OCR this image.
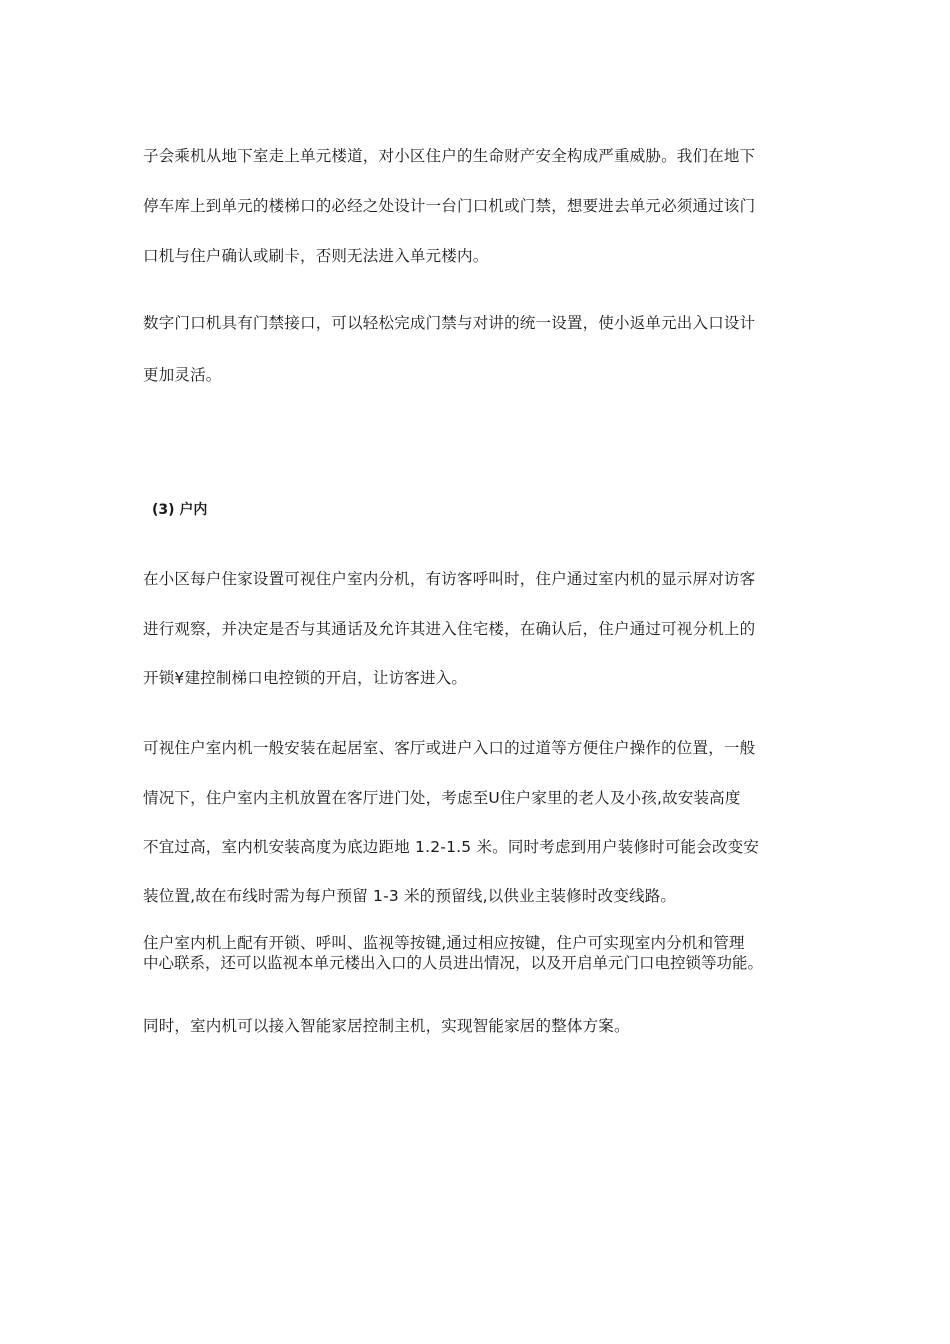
子会乘机从地下室走上单元楼道，对小区住户的生命财产安全构成严重威胁。我们在地下
停车库上到单元的楼梯口的必经之处设计一台门口机或门禁，想要进去单元必须通过该门
口机与住户确认或刷卡，否则无法进入单元楼内。
数字门口机具有门禁接口，可以轻松完成门禁与对讲的统一设置，使小返单元出入口设计
更加灵活。
(3) 户内
在小区每户住家设置可视住户室内分机，有访客呼叫时，住户通过室内机的显示屏对访客
进行观察，并决定是否与其通话及允许其进入住宅楼，在确认后，住户通过可视分机上的
开锁¥建控制梯口电控锁的开启，让访客进入。
可视住户室内机一般安装在起居室、客厅或进户入口的过道等方便住户操作的位置，一般
情况下，住户室内主机放置在客厅进门处，考虑至U住户家里的老人及小孩,故安装高度
不宜过高，室内机安装高度为底边距地 1.2-1.5 米。同时考虑到用户装修时可能会改变安
装位置,故在布线时需为每户预留 1-3 米的预留线,以供业主装修时改变线路。
住户室内机上配有开锁、呼叫、监视等按键,通过相应按键，住户可实现室内分机和管理
中心联系，还可以监视本单元楼出入口的人员进出情况，以及开启单元门口电控锁等功能。
同时，室内机可以接入智能家居控制主机，实现智能家居的整体方案。
